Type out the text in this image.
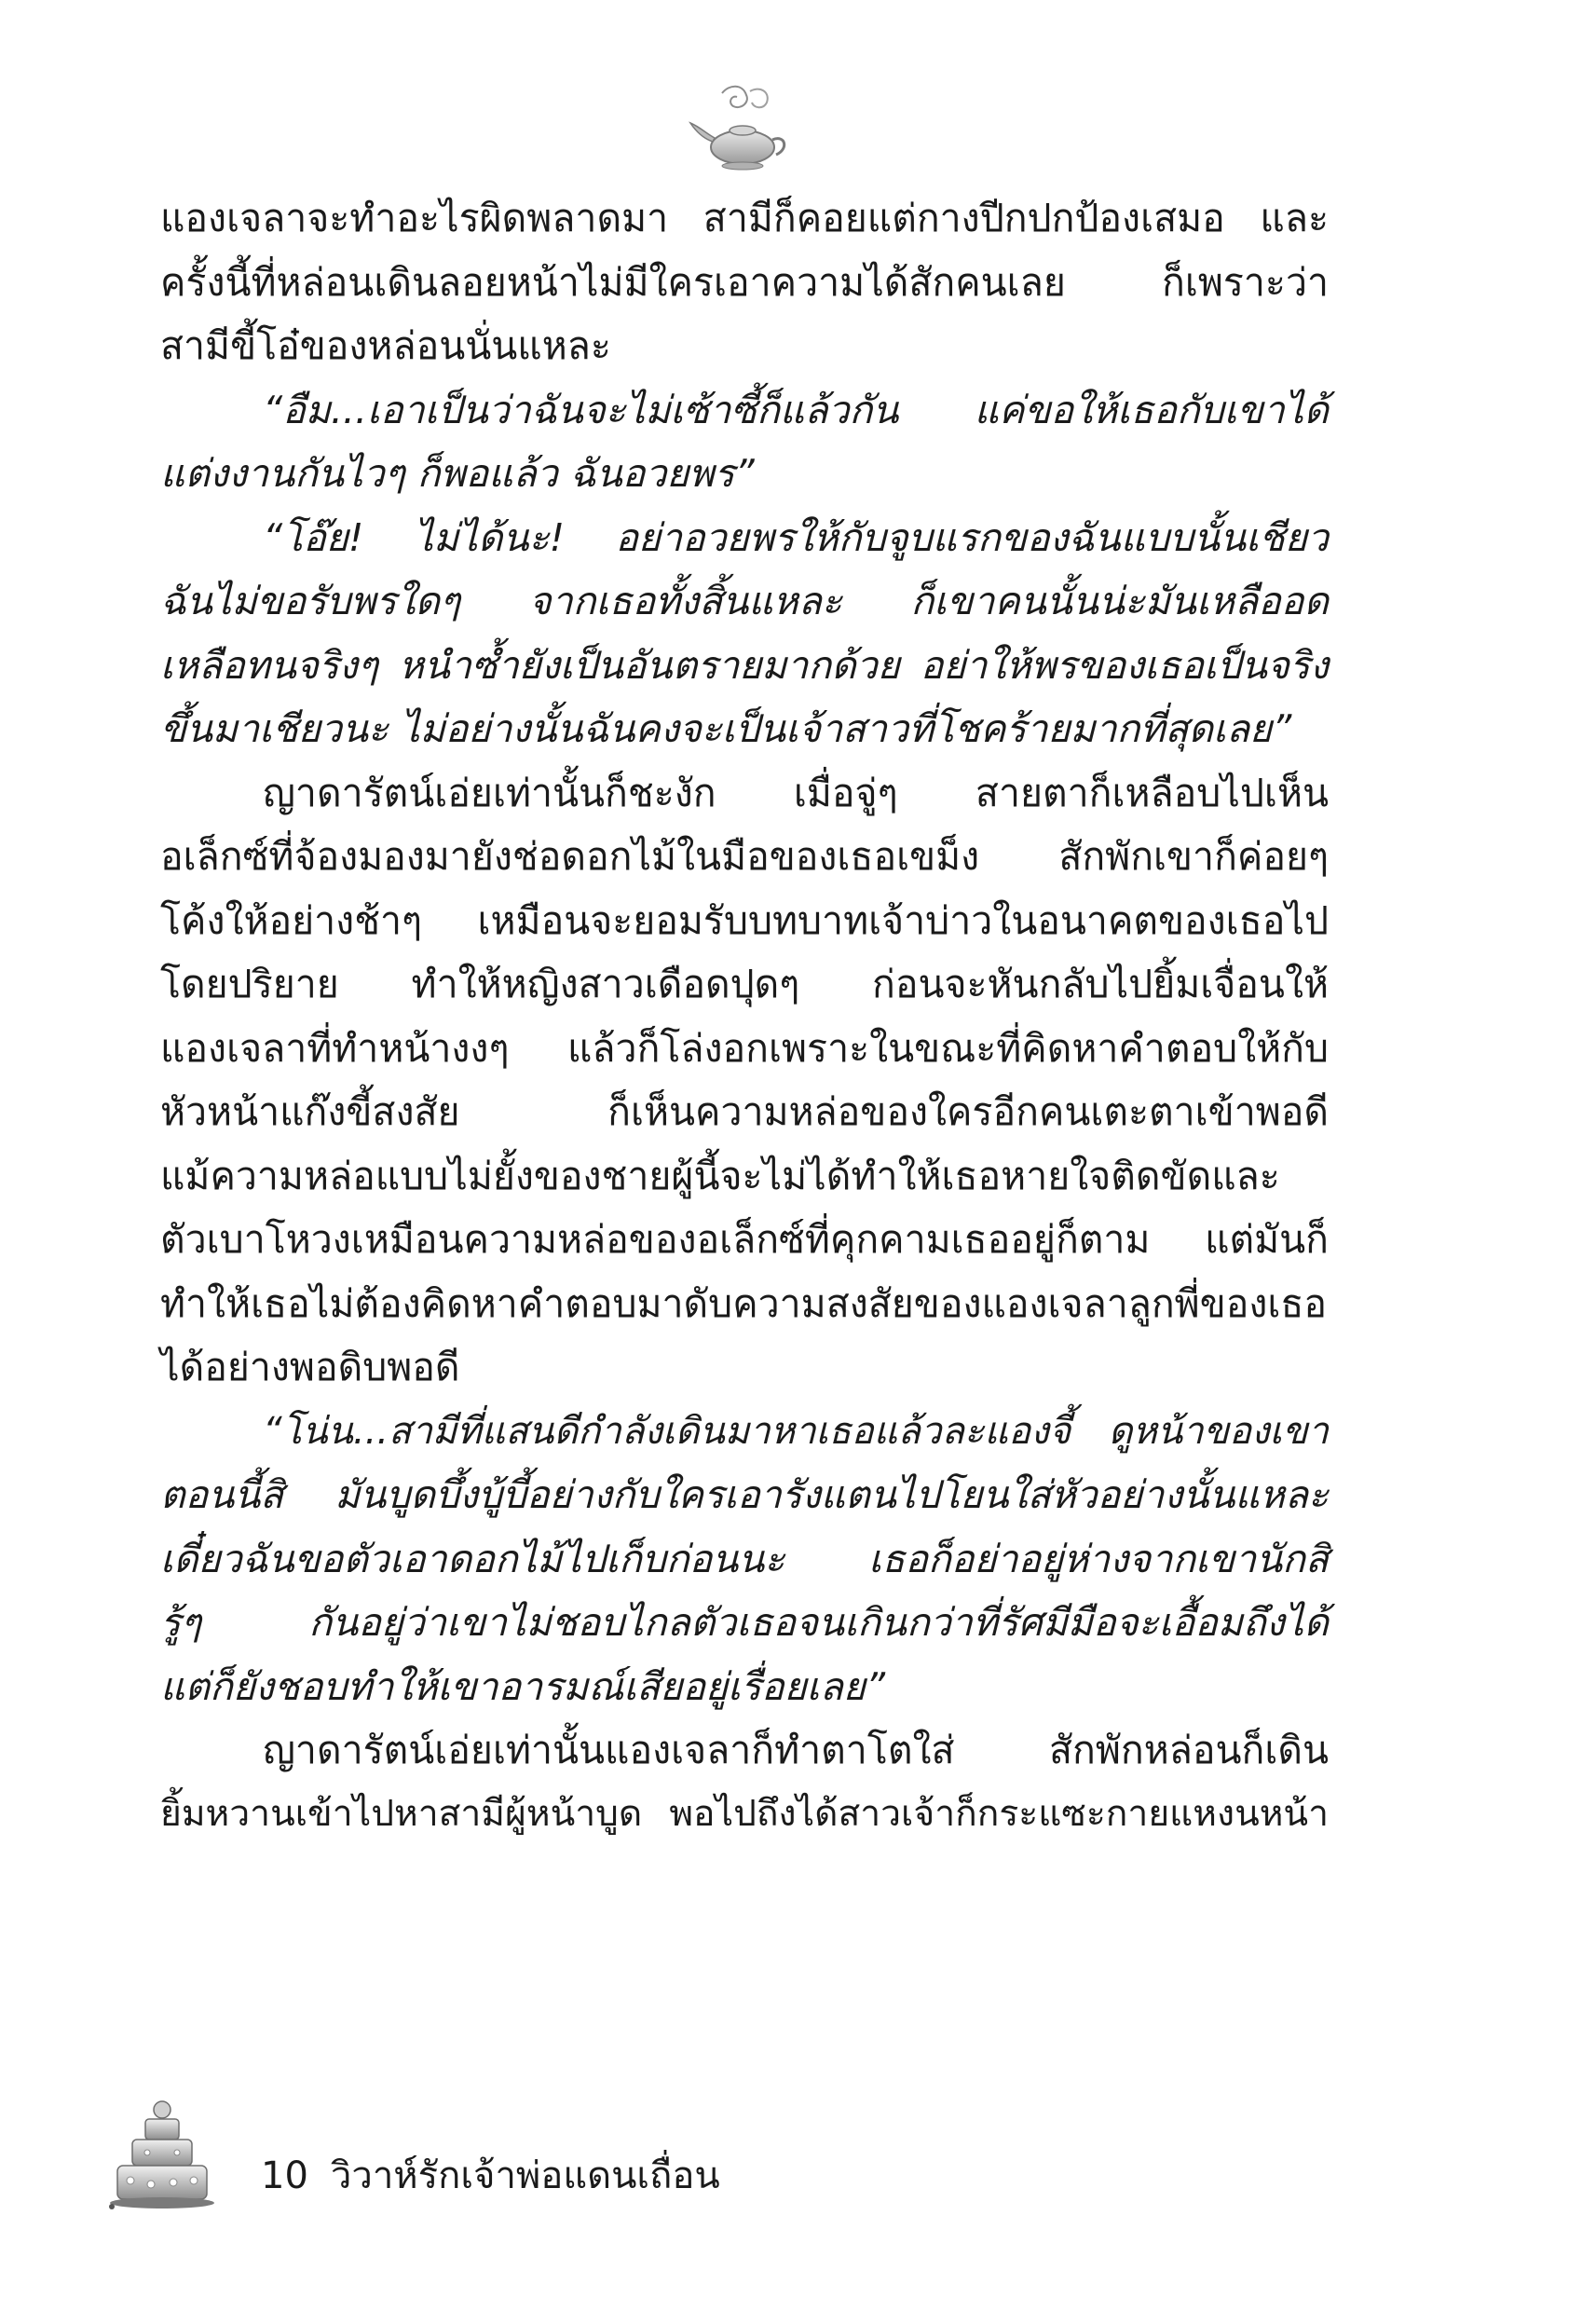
แองเจลาจะทำอะไรผิดพลาดมา สามีก็คอยแต่กางปีกปกป้องเสมอ และ
ครั้งนี้ที่หล่อนเดินลอยหน้าไม่มีใครเอาความได้สักคนเลย ก็เพราะว่า
สามีขี้โอ๋ของหล่อนนั่นแหละ
“อืม...เอาเป็นว่าฉันจะไม่เซ้าซี้ก็แล้วกัน แค่ขอให้เธอกับเขาได้
แต่งงานกันไวๆ ก็พอแล้ว ฉันอวยพร”
“โอ๊ย! ไม่ได้นะ! อย่าอวยพรให้กับจูบแรกของฉันแบบนั้นเชียว
ฉันไม่ขอรับพรใดๆ จากเธอทั้งสิ้นแหละ ก็เขาคนนั้นน่ะมันเหลืออด
เหลือทนจริงๆ หนำซ้ำยังเป็นอันตรายมากด้วย อย่าให้พรของเธอเป็นจริง
ขึ้นมาเชียวนะ ไม่อย่างนั้นฉันคงจะเป็นเจ้าสาวที่โชคร้ายมากที่สุดเลย”
ญาดารัตน์เอ่ยเท่านั้นก็ชะงัก เมื่อจู่ๆ สายตาก็เหลือบไปเห็น
อเล็กซ์ที่จ้องมองมายังช่อดอกไม้ในมือของเธอเขม็ง สักพักเขาก็ค่อยๆ
โค้งให้อย่างช้าๆ เหมือนจะยอมรับบทบาทเจ้าบ่าวในอนาคตของเธอไป
โดยปริยาย ทำให้หญิงสาวเดือดปุดๆ ก่อนจะหันกลับไปยิ้มเจื่อนให้
แองเจลาที่ทำหน้างงๆ แล้วก็โล่งอกเพราะในขณะที่คิดหาคำตอบให้กับ
หัวหน้าแก๊งขี้สงสัย ก็เห็นความหล่อของใครอีกคนเตะตาเข้าพอดี
แม้ความหล่อแบบไม่ยั้งของชายผู้นี้จะไม่ได้ทำให้เธอหายใจติดขัดและ
ตัวเบาโหวงเหมือนความหล่อของอเล็กซ์ที่คุกคามเธออยู่ก็ตาม แต่มันก็
ทำให้เธอไม่ต้องคิดหาคำตอบมาดับความสงสัยของแองเจลาลูกพี่ของเธอ
ได้อย่างพอดิบพอดี
“โน่น...สามีที่แสนดีกำลังเดินมาหาเธอแล้วละแองจี้ ดูหน้าของเขา
ตอนนี้สิ มันบูดบึ้งบู้บี้อย่างกับใครเอารังแตนไปโยนใส่หัวอย่างนั้นแหละ
เดี๋ยวฉันขอตัวเอาดอกไม้ไปเก็บก่อนนะ เธอก็อย่าอยู่ห่างจากเขานักสิ
รู้ๆ กันอยู่ว่าเขาไม่ชอบไกลตัวเธอจนเกินกว่าที่รัศมีมือจะเอื้อมถึงได้
แต่ก็ยังชอบทำให้เขาอารมณ์เสียอยู่เรื่อยเลย”
ญาดารัตน์เอ่ยเท่านั้นแองเจลาก็ทำตาโตใส่ สักพักหล่อนก็เดิน
ยิ้มหวานเข้าไปหาสามีผู้หน้าบูด พอไปถึงได้สาวเจ้าก็กระแซะกายแหงนหน้า
10 วิวาห์รักเจ้าพ่อแดนเถื่อน
